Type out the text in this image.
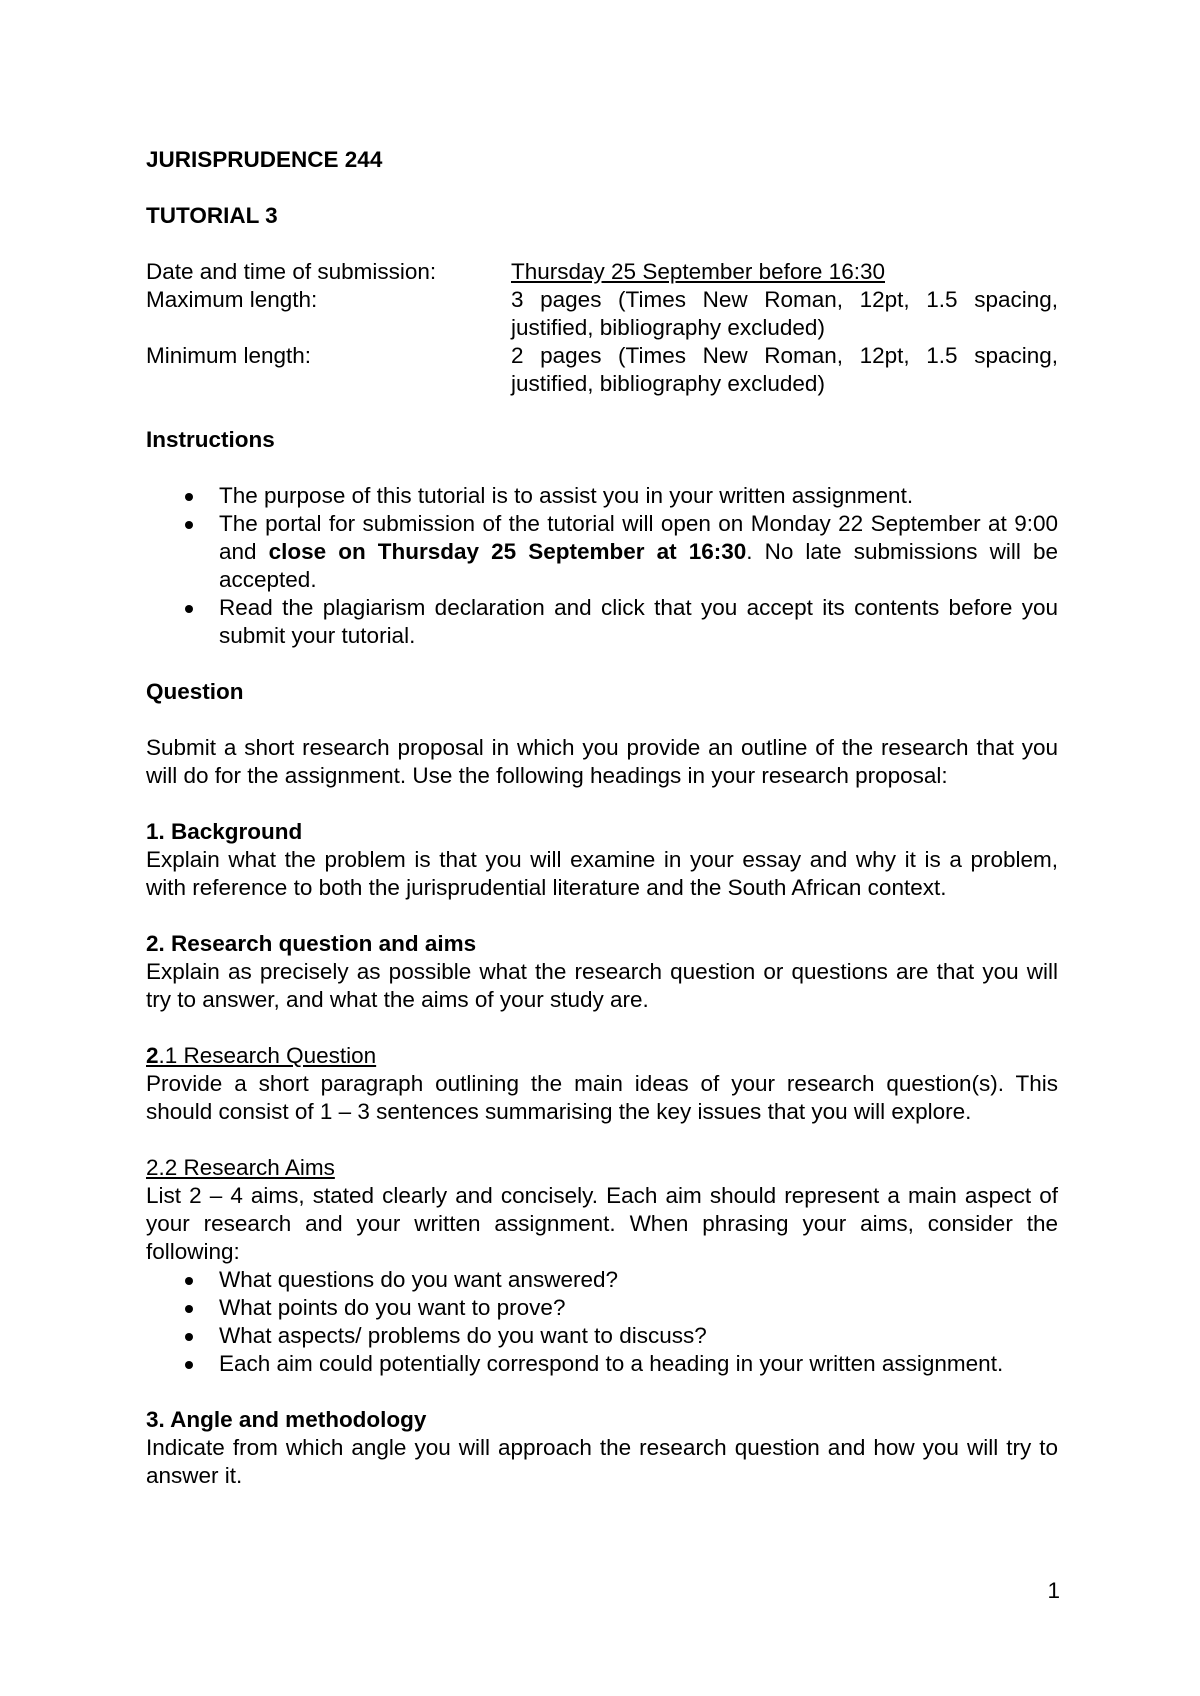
JURISPRUDENCE 244
TUTORIAL 3
Date and time of submission:	Thursday 25 September before 16:30
Maximum length:	3 pages (Times New Roman, 12pt, 1.5 spacing, justified, bibliography excluded)
Minimum length:	2 pages (Times New Roman, 12pt, 1.5 spacing, justified, bibliography excluded)
Instructions
The purpose of this tutorial is to assist you in your written assignment.
The portal for submission of the tutorial will open on Monday 22 September at 9:00 and close on Thursday 25 September at 16:30. No late submissions will be accepted.
Read the plagiarism declaration and click that you accept its contents before you submit your tutorial.
Question

Submit a short research proposal in which you provide an outline of the research that you will do for the assignment. Use the following headings in your research proposal:

1. Background

Explain what the problem is that you will examine in your essay and why it is a problem, with reference to both the jurisprudential literature and the South African context.

2. Research question and aims

Explain as precisely as possible what the research question or questions are that you will try to answer, and what the aims of your study are.

2.1 Research Question

Provide a short paragraph outlining the main ideas of your research question(s). This should consist of 1 – 3 sentences summarising the key issues that you will explore.

2.2 Research Aims

List 2 – 4 aims, stated clearly and concisely. Each aim should represent a main aspect of your research and your written assignment. When phrasing your aims, consider the following:

What questions do you want answered?
What points do you want to prove?
What aspects/ problems do you want to discuss?
Each aim could potentially correspond to a heading in your written assignment.
3. Angle and methodology

Indicate from which angle you will approach the research question and how you will try to answer it.

1
